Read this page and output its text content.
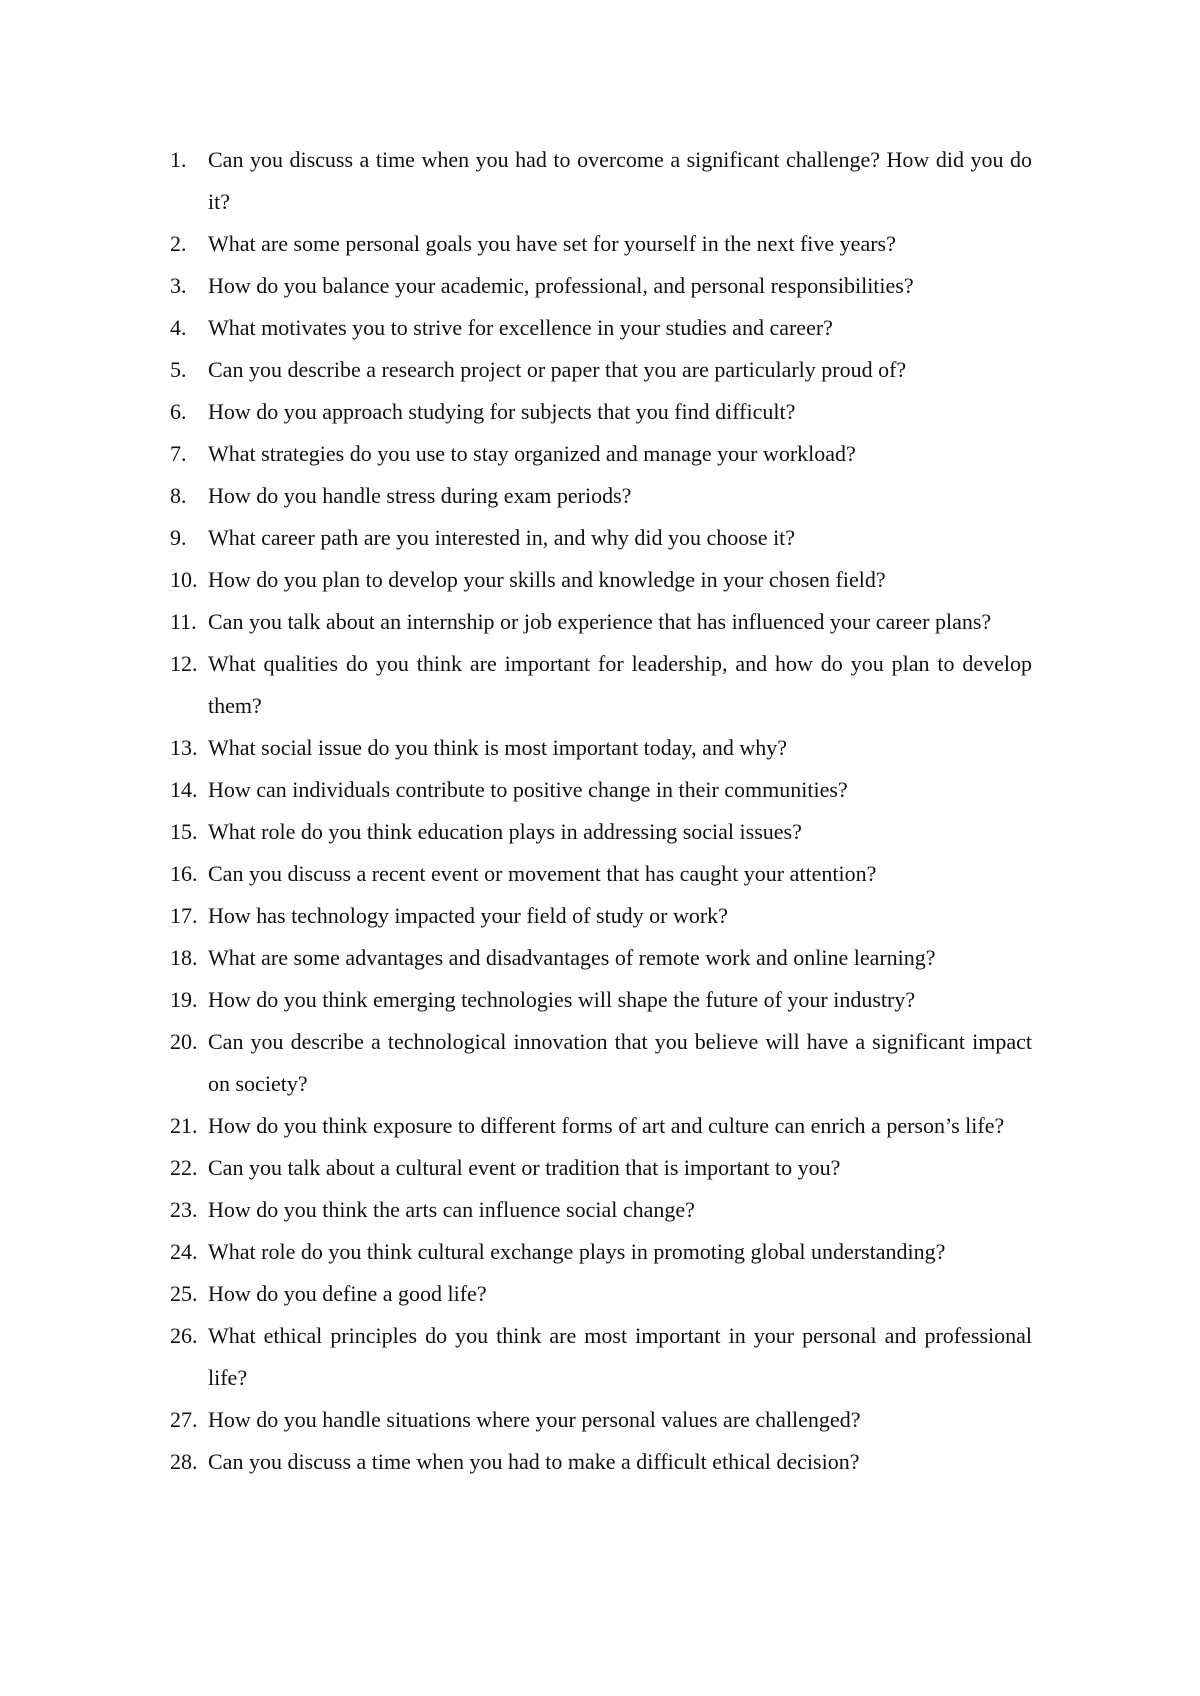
1. Can you discuss a time when you had to overcome a significant challenge? How did you do it?
2. What are some personal goals you have set for yourself in the next five years?
3. How do you balance your academic, professional, and personal responsibilities?
4. What motivates you to strive for excellence in your studies and career?
5. Can you describe a research project or paper that you are particularly proud of?
6. How do you approach studying for subjects that you find difficult?
7. What strategies do you use to stay organized and manage your workload?
8. How do you handle stress during exam periods?
9. What career path are you interested in, and why did you choose it?
10. How do you plan to develop your skills and knowledge in your chosen field?
11. Can you talk about an internship or job experience that has influenced your career plans?
12. What qualities do you think are important for leadership, and how do you plan to develop them?
13. What social issue do you think is most important today, and why?
14. How can individuals contribute to positive change in their communities?
15. What role do you think education plays in addressing social issues?
16. Can you discuss a recent event or movement that has caught your attention?
17. How has technology impacted your field of study or work?
18. What are some advantages and disadvantages of remote work and online learning?
19. How do you think emerging technologies will shape the future of your industry?
20. Can you describe a technological innovation that you believe will have a significant impact on society?
21. How do you think exposure to different forms of art and culture can enrich a person’s life?
22. Can you talk about a cultural event or tradition that is important to you?
23. How do you think the arts can influence social change?
24. What role do you think cultural exchange plays in promoting global understanding?
25. How do you define a good life?
26. What ethical principles do you think are most important in your personal and professional life?
27. How do you handle situations where your personal values are challenged?
28. Can you discuss a time when you had to make a difficult ethical decision?
